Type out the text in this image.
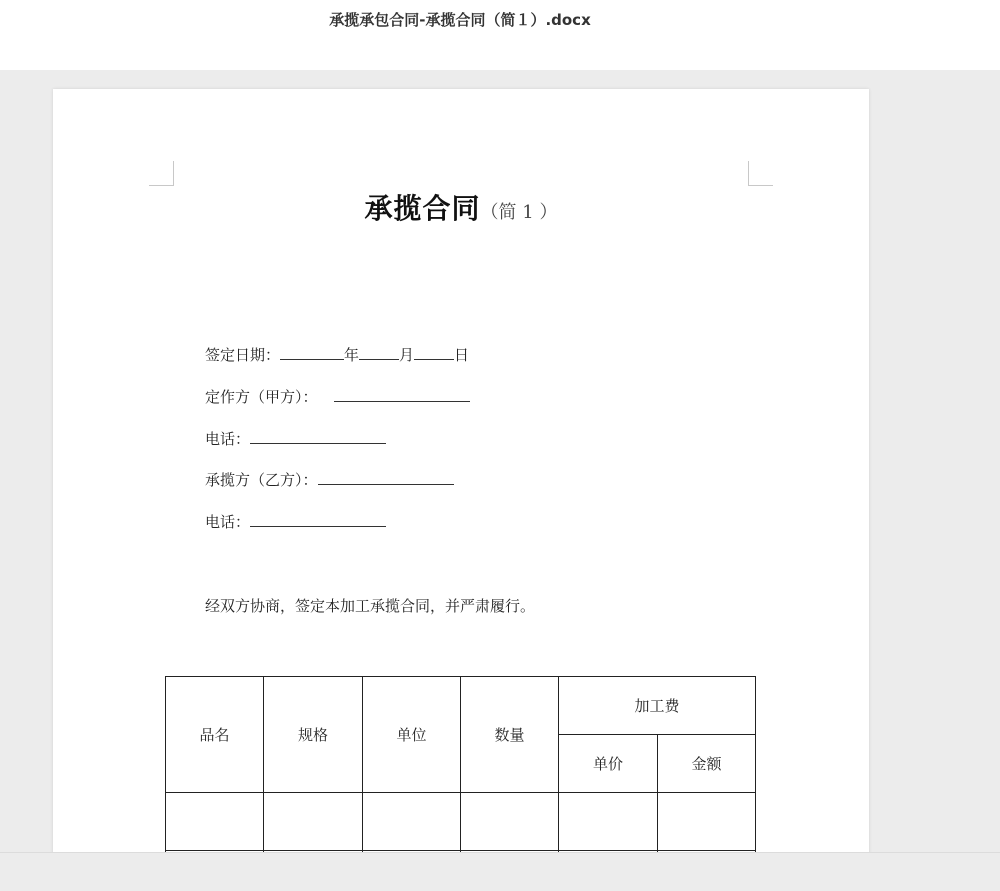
承揽承包合同-承揽合同（简１）.docx
承揽合同（简 1 ）
签定日期：	年	月	日
定作方（甲方）：
电话：
承揽方（乙方）：
电话：
经双方协商，签定本加工承揽合同，并严肃履行。
品名	规格	单位	数量	加工费	
				单价	金额
